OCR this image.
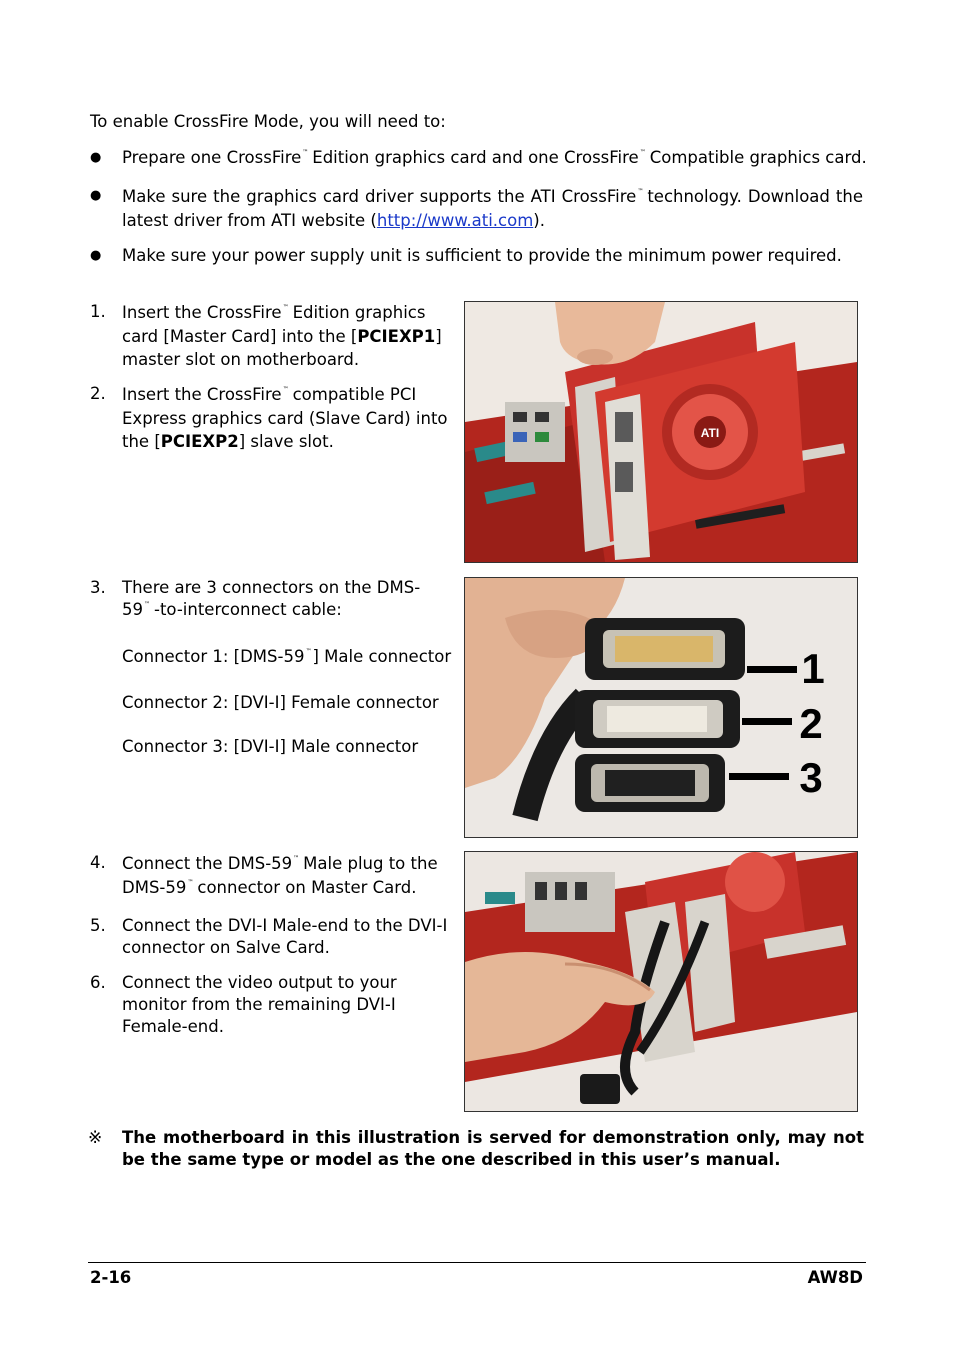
To enable CrossFire Mode, you will need to:
● Prepare one CrossFire™ Edition graphics card and one CrossFire™ Compatible graphics card.
● Make sure the graphics card driver supports the ATI CrossFire™ technology. Download the latest driver from ATI website (http://www.ati.com).
● Make sure your power supply unit is sufficient to provide the minimum power required.
1. Insert the CrossFire™ Edition graphics card [Master Card] into the [PCIEXP1] master slot on motherboard.
2. Insert the CrossFire™ compatible PCI Express graphics card (Slave Card) into the [PCIEXP2] slave slot.	ATI
3. There are 3 connectors on the DMS-59™ -to-interconnect cable:
Connector 1: [DMS-59™] Male connector
Connector 2: [DVI-I] Female connector
Connector 3: [DVI-I] Male connector
1
2
3
4. Connect the DMS-59™ Male plug to the DMS-59™ connector on Master Card.
5. Connect the DVI-I Male-end to the DVI-I connector on Salve Card.
6. Connect the video output to your monitor from the remaining DVI-I Female-end.
※ The motherboard in this illustration is served for demonstration only, may not be the same type or model as the one described in this user’s manual.
2-16	AW8D
